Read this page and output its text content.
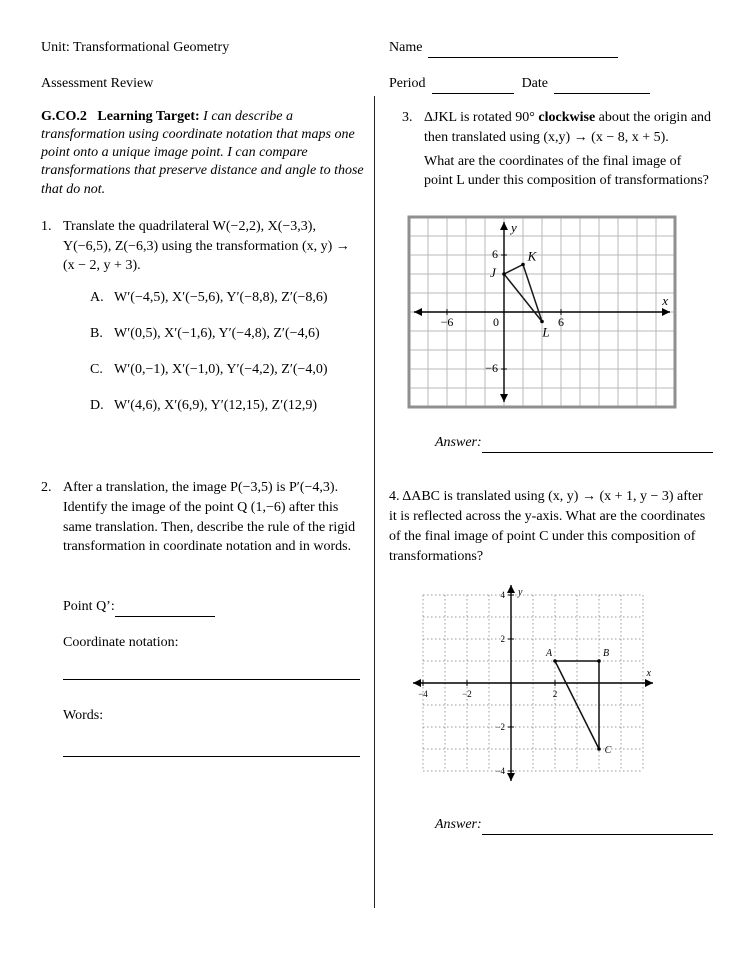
Unit: Transformational Geometry

Assessment Review

G.CO.2   Learning Target: I can describe a transformation using coordinate notation that maps one point onto a unique image point. I can compare transformations that preserve distance and angle to those that do not.

1. Translate the quadrilateral W(−2,2), X(−3,3), Y(−6,5), Z(−6,3) using the transformation (x, y) → (x − 2, y + 3).
A. W′(−4,5), X′(−5,6), Y′(−8,8), Z′(−8,6)
B. W′(0,5), X′(−1,6), Y′(−4,8), Z′(−4,6)
C. W′(0,−1), X′(−1,0), Y′(−4,2), Z′(−4,0)
D. W′(4,6), X′(6,9), Y′(12,15), Z′(12,9)
2. After a translation, the image P(−3,5) is P′(−4,3). Identify the image of the point Q (1,−6) after this same translation. Then, describe the rule of the rigid transformation in coordinate notation and in words.
Point Q’:

Coordinate notation:

Words:

Name
Period	Date
3. ΔJKL is rotated 90° clockwise about the origin and then translated using (x,y) → (x − 8, x + 5).
What are the coordinates of the final image of point L under this composition of transformations?
x
y
−6	0	6
6
−6
J
K
L
Answer:

4. ΔABC is translated using (x, y) → (x + 1, y − 3) after it is reflected across the y-axis. What are the coordinates of the final image of point C under this composition of transformations?

x
y
−4	−2	2
4
2
−2
−4
A	B
C
Answer:
